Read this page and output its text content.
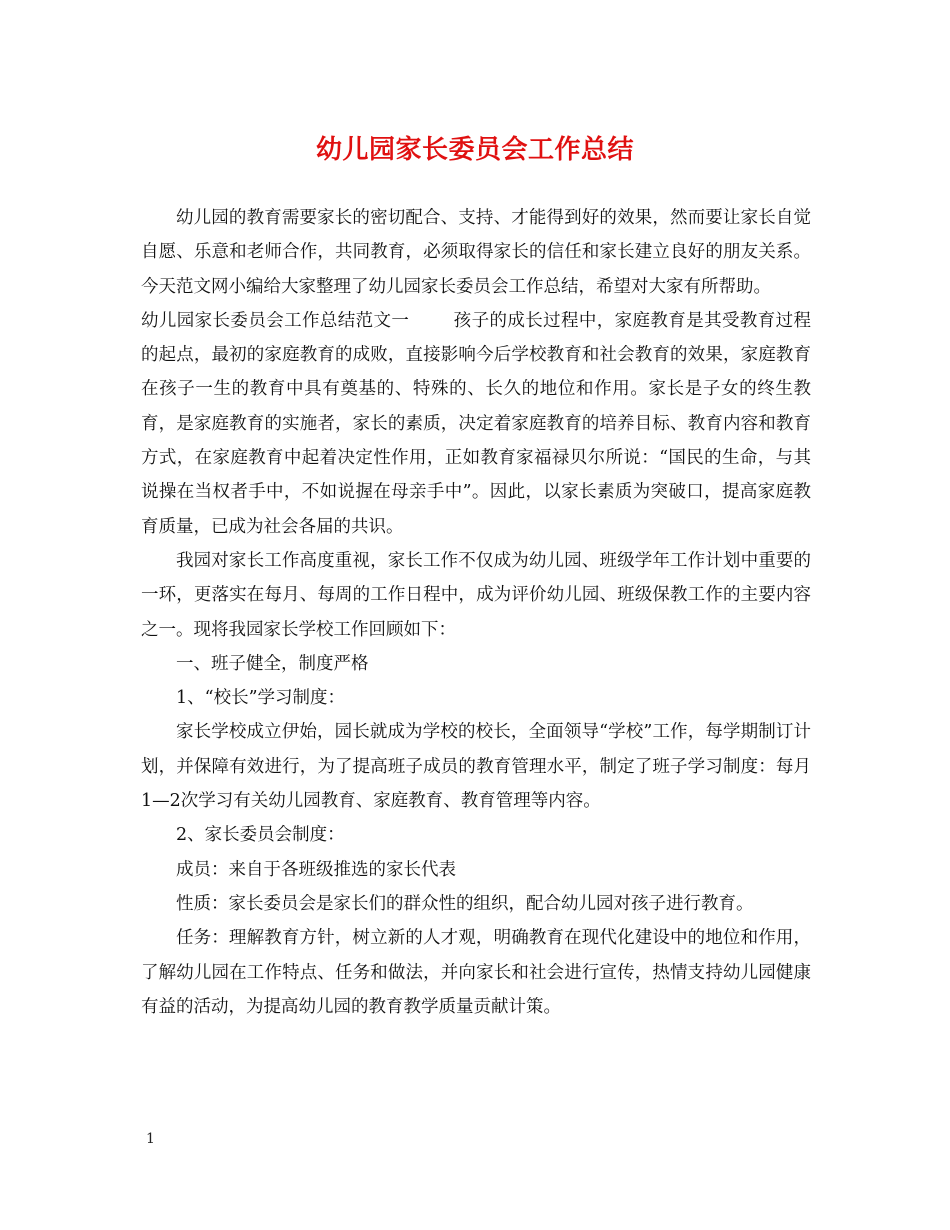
幼儿园家长委员会工作总结

幼儿园的教育需要家长的密切配合、支持、才能得到好的效果，然而要让家长自觉自愿、乐意和老师合作，共同教育，必须取得家长的信任和家长建立良好的朋友关系。今天范文网小编给大家整理了幼儿园家长委员会工作总结，希望对大家有所帮助。

幼儿园家长委员会工作总结范文一	孩子的成长过程中，家庭教育是其受教育过程的起点，最初的家庭教育的成败，直接影响今后学校教育和社会教育的效果，家庭教育在孩子一生的教育中具有奠基的、特殊的、长久的地位和作用。家长是子女的终生教育，是家庭教育的实施者，家长的素质，决定着家庭教育的培养目标、教育内容和教育方式，在家庭教育中起着决定性作用，正如教育家福禄贝尔所说：“国民的生命，与其说操在当权者手中，不如说握在母亲手中”。因此，以家长素质为突破口，提高家庭教育质量，已成为社会各届的共识。

我园对家长工作高度重视，家长工作不仅成为幼儿园、班级学年工作计划中重要的一环，更落实在每月、每周的工作日程中，成为评价幼儿园、班级保教工作的主要内容之一。现将我园家长学校工作回顾如下：

一、班子健全，制度严格

1、“校长”学习制度：

家长学校成立伊始，园长就成为学校的校长，全面领导“学校”工作，每学期制订计划，并保障有效进行，为了提高班子成员的教育管理水平，制定了班子学习制度：每月1—2次学习有关幼儿园教育、家庭教育、教育管理等内容。

2、家长委员会制度：

成员：来自于各班级推选的家长代表

性质：家长委员会是家长们的群众性的组织，配合幼儿园对孩子进行教育。

任务：理解教育方针，树立新的人才观，明确教育在现代化建设中的地位和作用，了解幼儿园在工作特点、任务和做法，并向家长和社会进行宣传，热情支持幼儿园健康有益的活动，为提高幼儿园的教育教学质量贡献计策。

1
